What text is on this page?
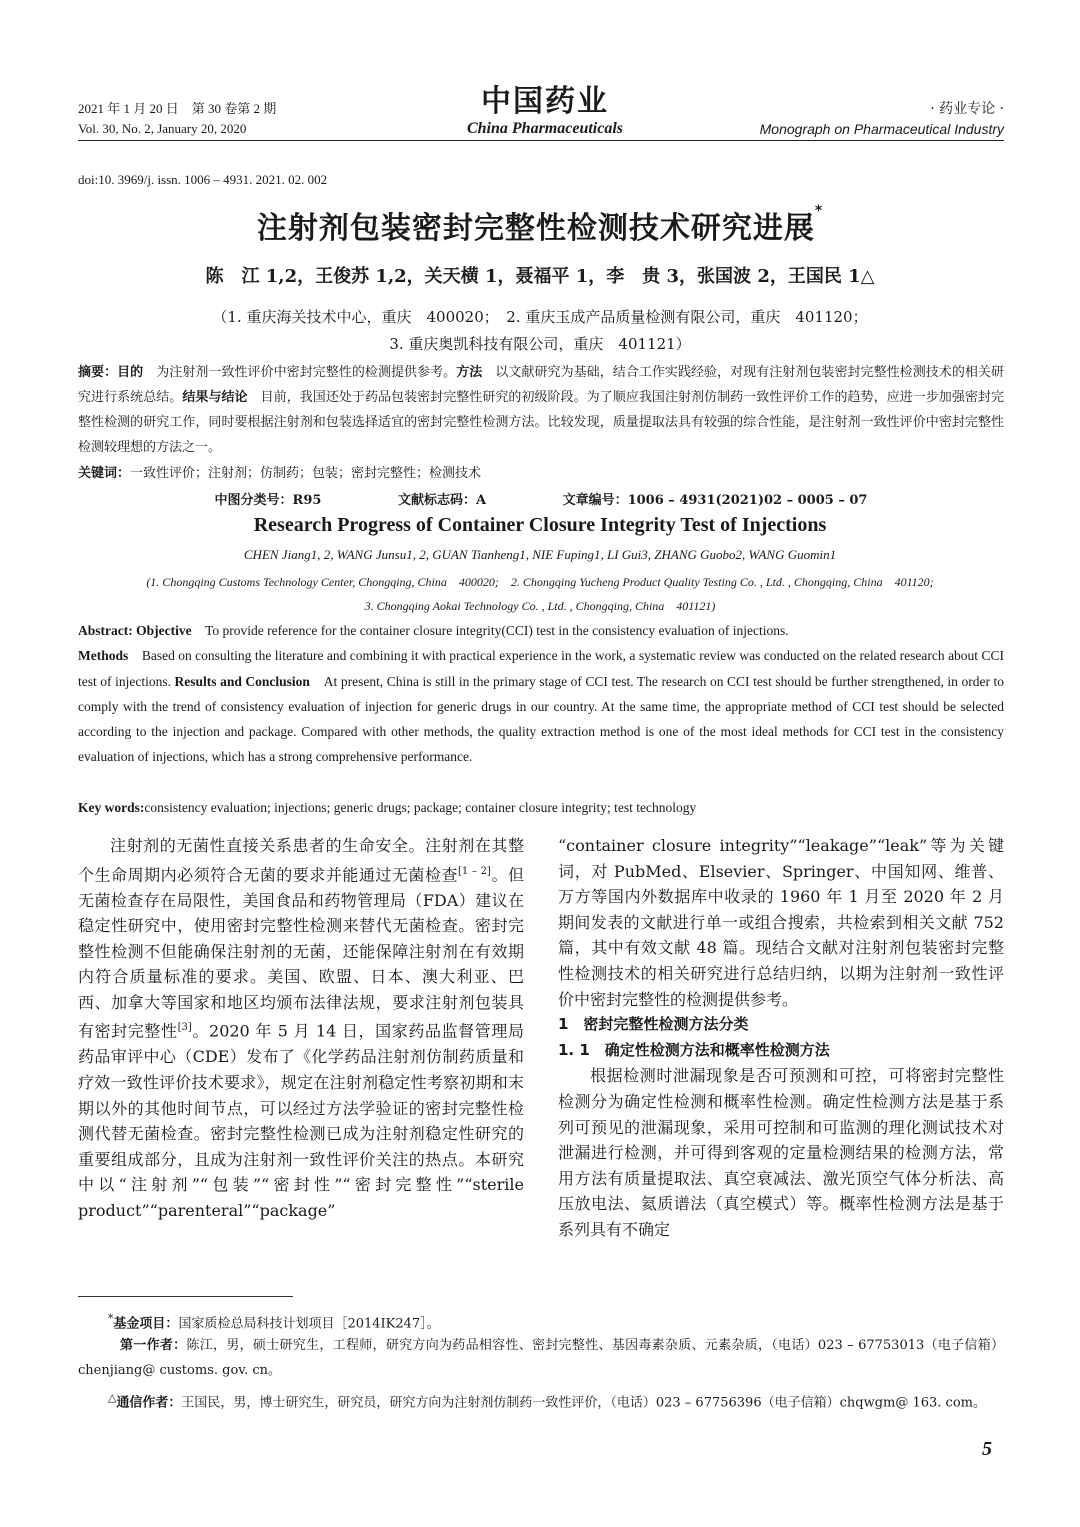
2021 年 1 月 20 日　第 30 卷第 2 期
Vol. 30, No. 2, January 20, 2020
中国药业
China Pharmaceuticals
· 药业专论 ·
Monograph on Pharmaceutical Industry
doi:10. 3969/j. issn. 1006 – 4931. 2021. 02. 002
注射剂包装密封完整性检测技术研究进展*
陈　江 1,2，王俊苏 1,2，关天横 1，聂福平 1，李　贵 3，张国波 2，王国民 1△
（1. 重庆海关技术中心，重庆　400020；　2. 重庆玉成产品质量检测有限公司，重庆　401120；
3. 重庆奥凯科技有限公司，重庆　401121）
摘要：目的　为注射剂一致性评价中密封完整性的检测提供参考。方法　以文献研究为基础，结合工作实践经验，对现有注射剂包装密封完整性检测技术的相关研究进行系统总结。结果与结论　目前，我国还处于药品包装密封完整性研究的初级阶段。为了顺应我国注射剂仿制药一致性评价工作的趋势，应进一步加强密封完整性检测的研究工作，同时要根据注射剂和包装选择适宜的密封完整性检测方法。比较发现，质量提取法具有较强的综合性能，是注射剂一致性评价中密封完整性检测较理想的方法之一。
关键词：一致性评价；注射剂；仿制药；包装；密封完整性；检测技术
中图分类号：R95	文献标志码：A	文章编号：1006 – 4931(2021)02 – 0005 – 07
Research Progress of Container Closure Integrity Test of Injections
CHEN Jiang1, 2, WANG Junsu1, 2, GUAN Tianheng1, NIE Fuping1, LI Gui3, ZHANG Guobo2, WANG Guomin1
(1. Chongqing Customs Technology Center, Chongqing, China　400020;　2. Chongqing Yucheng Product Quality Testing Co. , Ltd. , Chongqing, China　401120;
3. Chongqing Aokai Technology Co. , Ltd. , Chongqing, China　401121)
Abstract: Objective　To provide reference for the container closure integrity(CCI) test in the consistency evaluation of injections.
Methods　Based on consulting the literature and combining it with practical experience in the work, a systematic review was conducted on the related research about CCI test of injections. Results and Conclusion　At present, China is still in the primary stage of CCI test. The research on CCI test should be further strengthened, in order to comply with the trend of consistency evaluation of injection for generic drugs in our country. At the same time, the appropriate method of CCI test should be selected according to the injection and package. Compared with other methods, the quality extraction method is one of the most ideal methods for CCI test in the consistency evaluation of injections, which has a strong comprehensive performance.
Key words:consistency evaluation; injections; generic drugs; package; container closure integrity; test technology

注射剂的无菌性直接关系患者的生命安全。注射剂在其整个生命周期内必须符合无菌的要求并能通过无菌检查[1 – 2]。但无菌检查存在局限性，美国食品和药物管理局（FDA）建议在稳定性研究中，使用密封完整性检测来替代无菌检查。密封完整性检测不但能确保注射剂的无菌，还能保障注射剂在有效期内符合质量标准的要求。美国、欧盟、日本、澳大利亚、巴西、加拿大等国家和地区均颁布法律法规，要求注射剂包装具有密封完整性[3]。2020 年 5 月 14 日，国家药品监督管理局药品审评中心（CDE）发布了《化学药品注射剂仿制药质量和疗效一致性评价技术要求》，规定在注射剂稳定性考察初期和末期以外的其他时间节点，可以经过方法学验证的密封完整性检测代替无菌检查。密封完整性检测已成为注射剂稳定性研究的重要组成部分，且成为注射剂一致性评价关注的热点。本研究中以“注射剂”“包装”“密封性”“密封完整性”“sterile product”“parenteral”“package”

“container closure integrity”“leakage”“leak”等为关键词，对 PubMed、Elsevier、Springer、中国知网、维普、万方等国内外数据库中收录的 1960 年 1 月至 2020 年 2 月期间发表的文献进行单一或组合搜索，共检索到相关文献 752 篇，其中有效文献 48 篇。现结合文献对注射剂包装密封完整性检测技术的相关研究进行总结归纳，以期为注射剂一致性评价中密封完整性的检测提供参考。

1　密封完整性检测方法分类
1. 1　确定性检测方法和概率性检测方法

根据检测时泄漏现象是否可预测和可控，可将密封完整性检测分为确定性检测和概率性检测。确定性检测方法是基于系列可预见的泄漏现象，采用可控制和可监测的理化测试技术对泄漏进行检测，并可得到客观的定量检测结果的检测方法，常用方法有质量提取法、真空衰减法、激光顶空气体分析法、高压放电法、氦质谱法（真空模式）等。概率性检测方法是基于系列具有不确定

*基金项目：国家质检总局科技计划项目［2014IK247］。
第一作者：陈江，男，硕士研究生，工程师，研究方向为药品相容性、密封完整性、基因毒素杂质、元素杂质，（电话）023 – 67753013（电子信箱）chenjiang@ customs. gov. cn。
△通信作者：王国民，男，博士研究生，研究员，研究方向为注射剂仿制药一致性评价，（电话）023 – 67756396（电子信箱）chqwgm@ 163. com。
5
